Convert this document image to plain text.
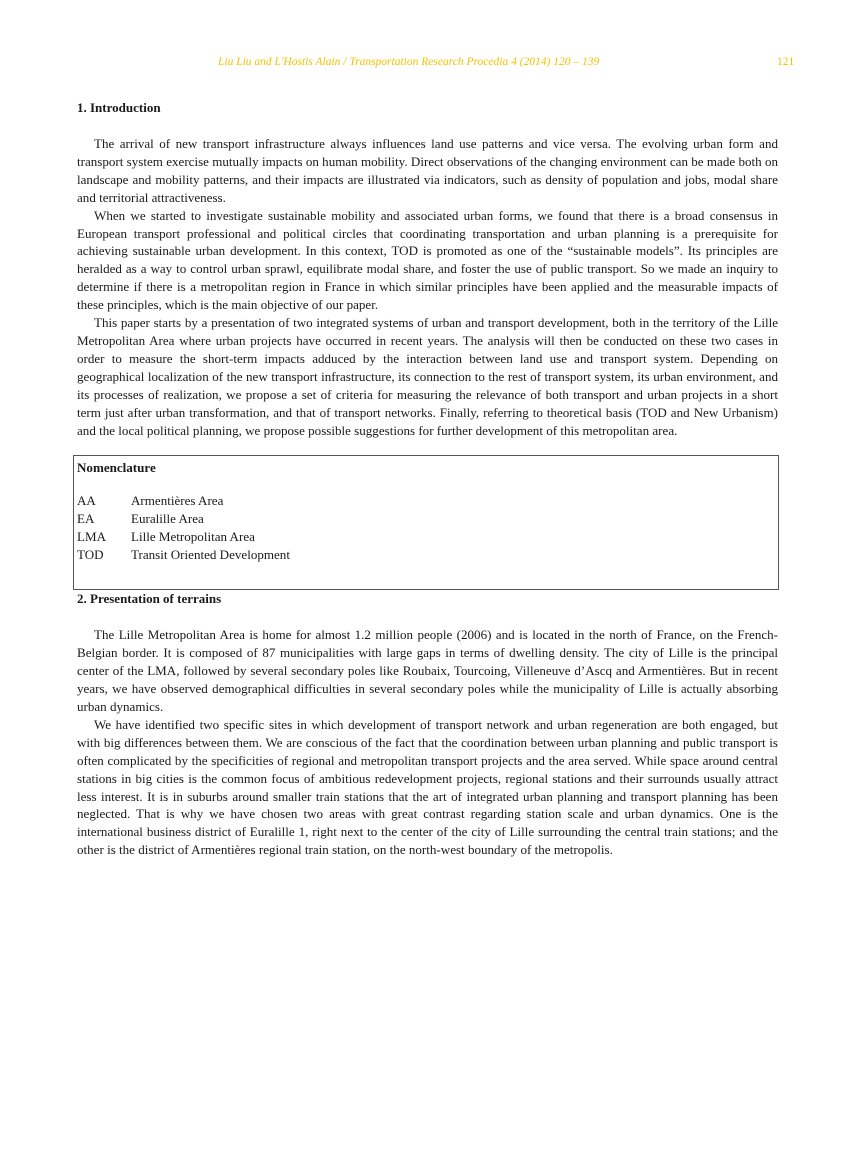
Liu Liu and L'Hostis Alain / Transportation Research Procedia 4 (2014) 120 – 139	121
1. Introduction

The arrival of new transport infrastructure always influences land use patterns and vice versa. The evolving urban form and transport system exercise mutually impacts on human mobility. Direct observations of the changing environment can be made both on landscape and mobility patterns, and their impacts are illustrated via indicators, such as density of population and jobs, modal share and territorial attractiveness.

When we started to investigate sustainable mobility and associated urban forms, we found that there is a broad consensus in European transport professional and political circles that coordinating transportation and urban planning is a prerequisite for achieving sustainable urban development. In this context, TOD is promoted as one of the “sustainable models”. Its principles are heralded as a way to control urban sprawl, equilibrate modal share, and foster the use of public transport. So we made an inquiry to determine if there is a metropolitan region in France in which similar principles have been applied and the measurable impacts of these principles, which is the main objective of our paper.

This paper starts by a presentation of two integrated systems of urban and transport development, both in the territory of the Lille Metropolitan Area where urban projects have occurred in recent years. The analysis will then be conducted on these two cases in order to measure the short-term impacts adduced by the interaction between land use and transport system. Depending on geographical localization of the new transport infrastructure, its connection to the rest of transport system, its urban environment, and its processes of realization, we propose a set of criteria for measuring the relevance of both transport and urban projects in a short term just after urban transformation, and that of transport networks. Finally, referring to theoretical basis (TOD and New Urbanism) and the local political planning, we propose possible suggestions for further development of this metropolitan area.

Nomenclature
AA	Armentières Area
EA	Euralille Area
LMA	Lille Metropolitan Area
TOD	Transit Oriented Development
2. Presentation of terrains

The Lille Metropolitan Area is home for almost 1.2 million people (2006) and is located in the north of France, on the French-Belgian border. It is composed of 87 municipalities with large gaps in terms of dwelling density. The city of Lille is the principal center of the LMA, followed by several secondary poles like Roubaix, Tourcoing, Villeneuve d’Ascq and Armentières. But in recent years, we have observed demographical difficulties in several secondary poles while the municipality of Lille is actually absorbing urban dynamics.

We have identified two specific sites in which development of transport network and urban regeneration are both engaged, but with big differences between them. We are conscious of the fact that the coordination between urban planning and public transport is often complicated by the specificities of regional and metropolitan transport projects and the area served. While space around central stations in big cities is the common focus of ambitious redevelopment projects, regional stations and their surrounds usually attract less interest. It is in suburbs around smaller train stations that the art of integrated urban planning and transport planning has been neglected. That is why we have chosen two areas with great contrast regarding station scale and urban dynamics. One is the international business district of Euralille 1, right next to the center of the city of Lille surrounding the central train stations; and the other is the district of Armentières regional train station, on the north-west boundary of the metropolis.
